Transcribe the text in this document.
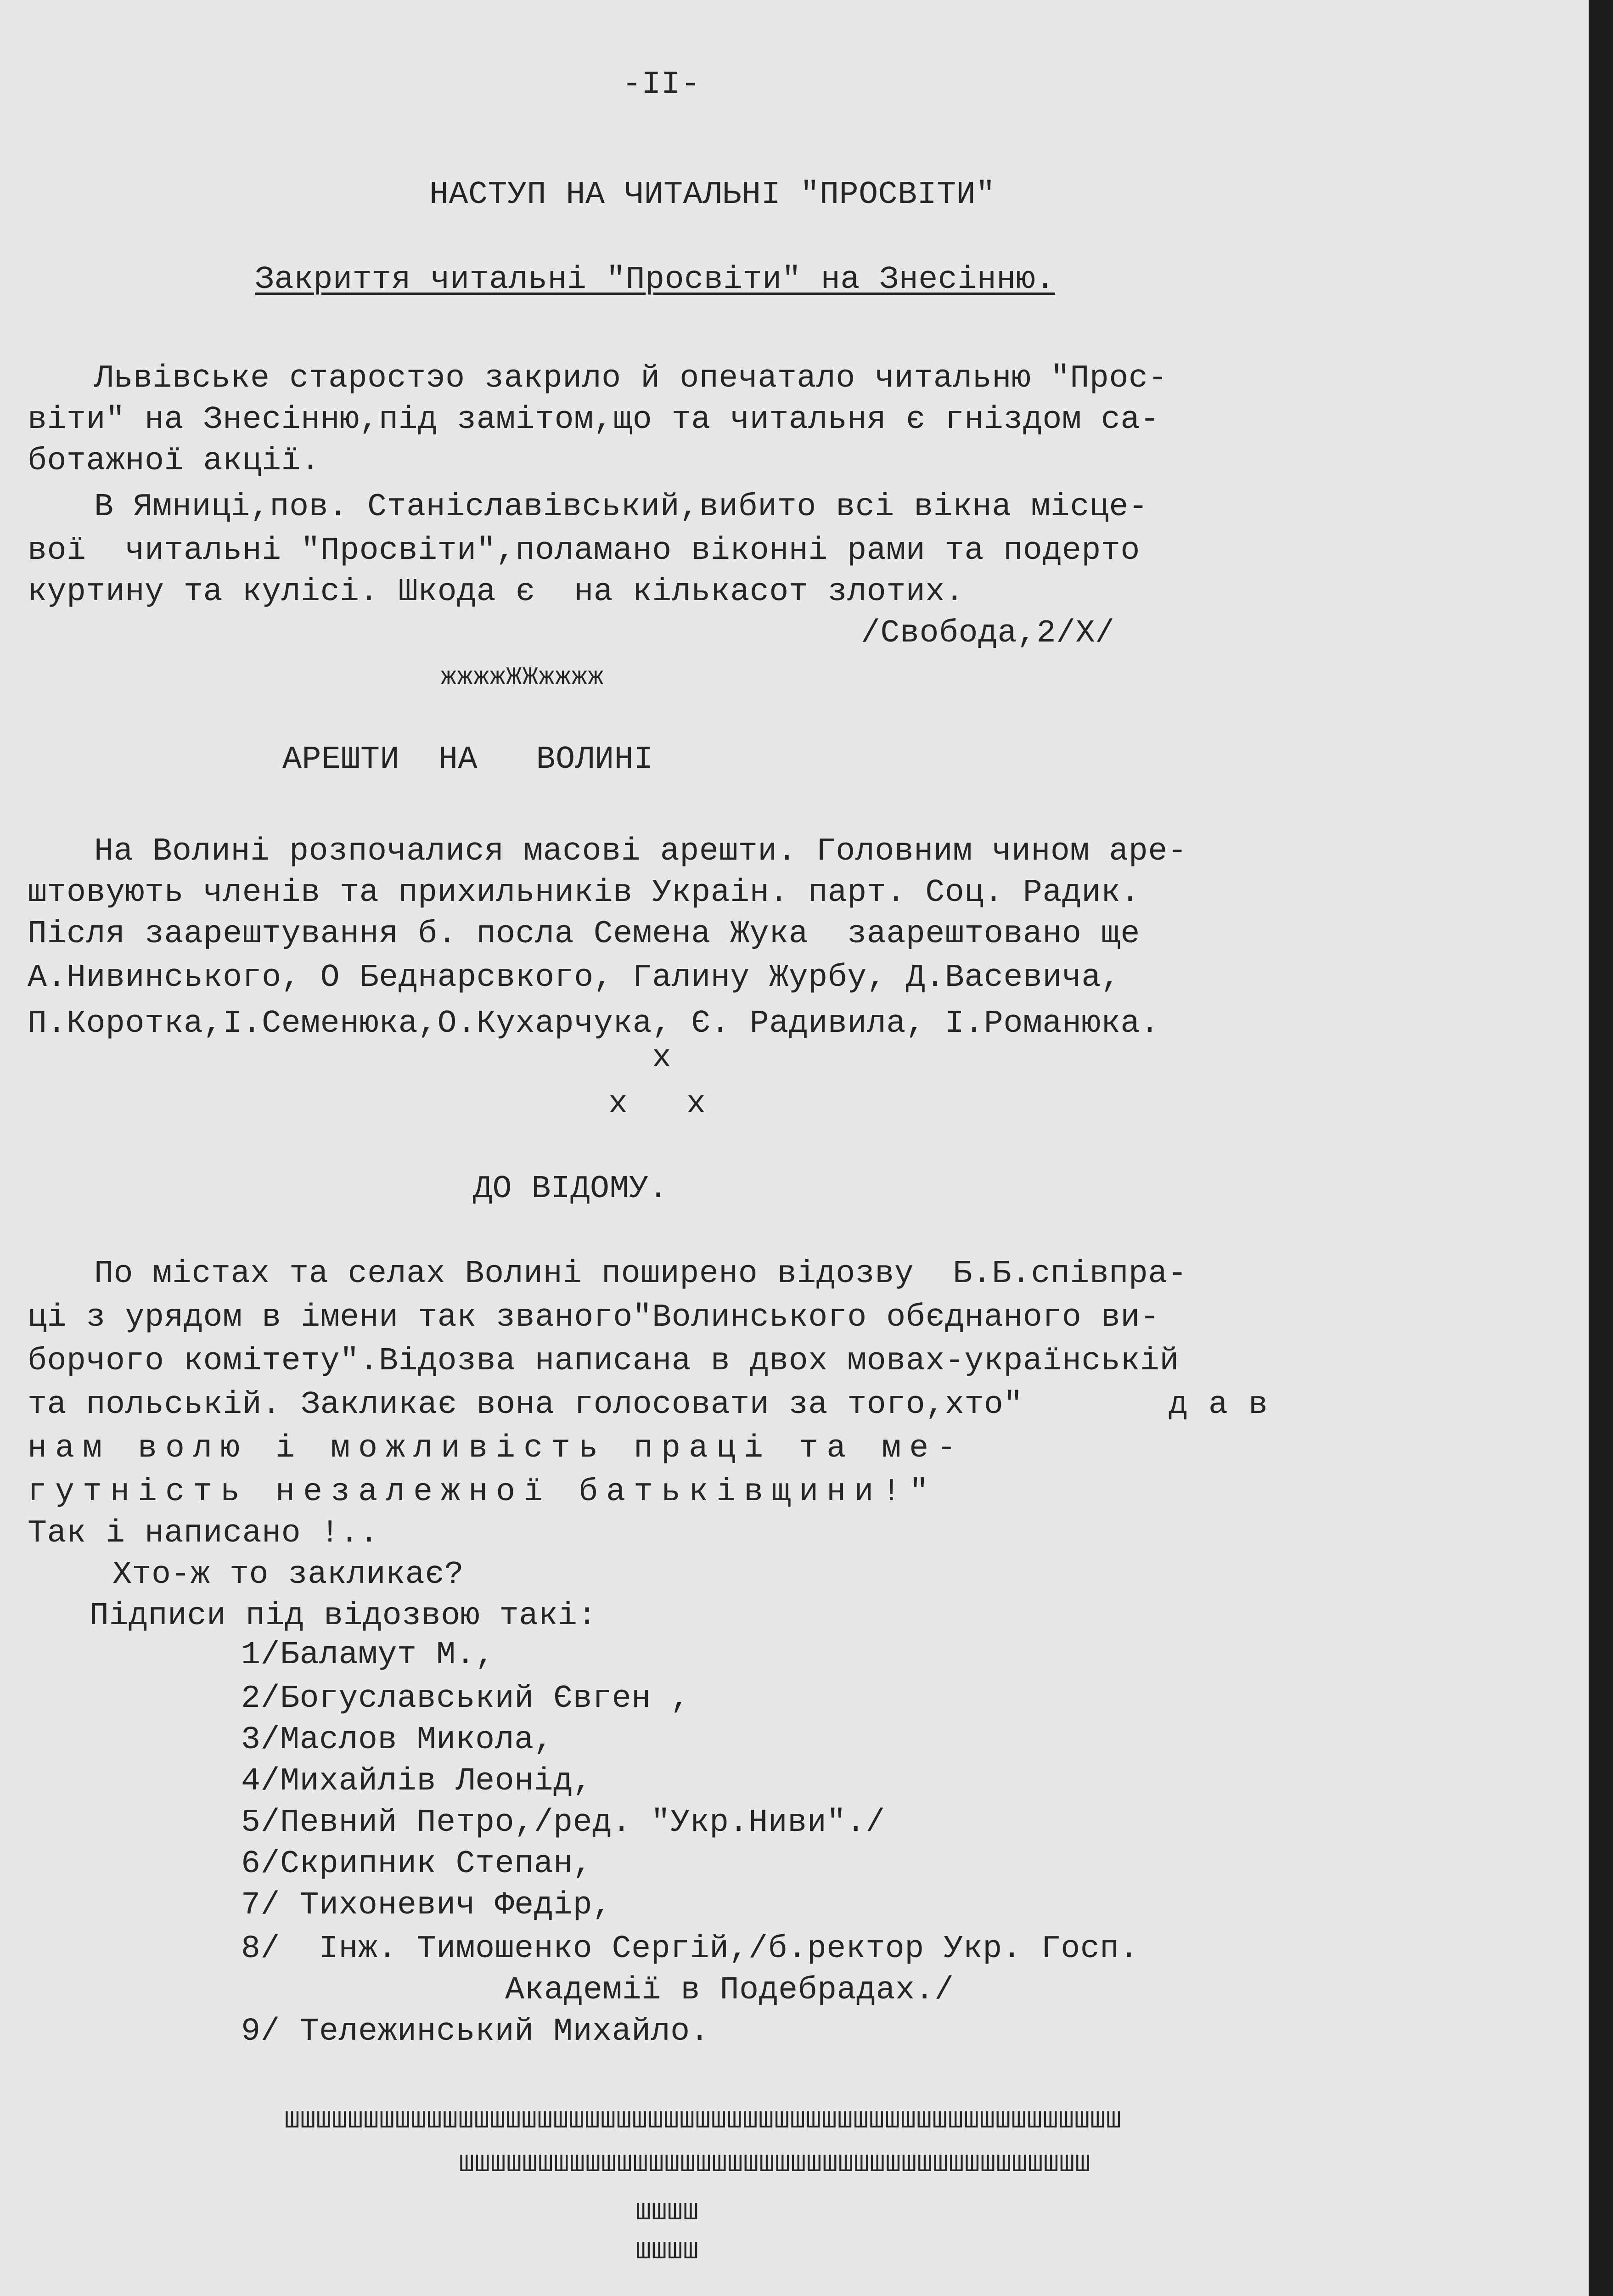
-II-
НАСТУП НА ЧИТАЛЬНІ "ПРОСВІТИ"
Закриття читальні "Просвіти" на Знесінню.
Львівське старостэо закрило й опечатало читальню "Прос-
віти" на Знесінню,під замітом,що та читальня є гніздом са-
ботажної акції.
В Ямниці,пов. Станіславівський,вибито всі вікна місце-
вої  читальні "Просвіти",поламано віконні рами та подерто
куртину та кулісі. Шкода є  на кількасот злотих.
/Свобода,2/X/
жжжжЖЖжжжж
АРЕШТИ  НА   ВОЛИНІ
На Волині розпочалися масові арешти. Головним чином аре-
штовують членів та прихильників Украін. парт. Соц. Радик.
Після заарештування б. посла Семена Жука  заарештовано ще
А.Нивинського, О Беднарсвкого, Галину Журбу, Д.Васевича,
П.Коротка,І.Семенюка,О.Кухарчука, Є. Радивила, І.Романюка.
x
x   x
ДО ВІДОМУ.
По містах та селах Волині поширено відозву  Б.Б.співпра-
ці з урядом в імени так званого"Волинського обєднаного ви-
борчого комітету".Відозва написана в двох мовах-українській
та польській. Закликає вона голосовати за того,хто"	дав
нам волю і можливість праці та ме-
гутність незалежної батьківщини!"
Так і написано !..
Хто-ж то закликає?
Підписи під відозвою такі:
1/Баламут М.,
2/Богуславський Євген ,
3/Маслов Микола,
4/Михайлів Леонід,
5/Певний Петро,/ред. "Укр.Ниви"./
6/Скрипник Степан,
7/ Тихоневич Федір,
8/  Інж. Тимошенко Сергій,/б.ректор Укр. Госп.
Академії в Подебрадах./
9/ Тележинський Михайло.
ШШШШШШШШШШШШШШШШШШШШШШШШШШШШШШШШШШШШШШШШШШШШШШШШШШШШШ
ШШШШШШШШШШШШШШШШШШШШШШШШШШШШШШШШШШШШШШШШ
ШШШШ
ШШШШ
